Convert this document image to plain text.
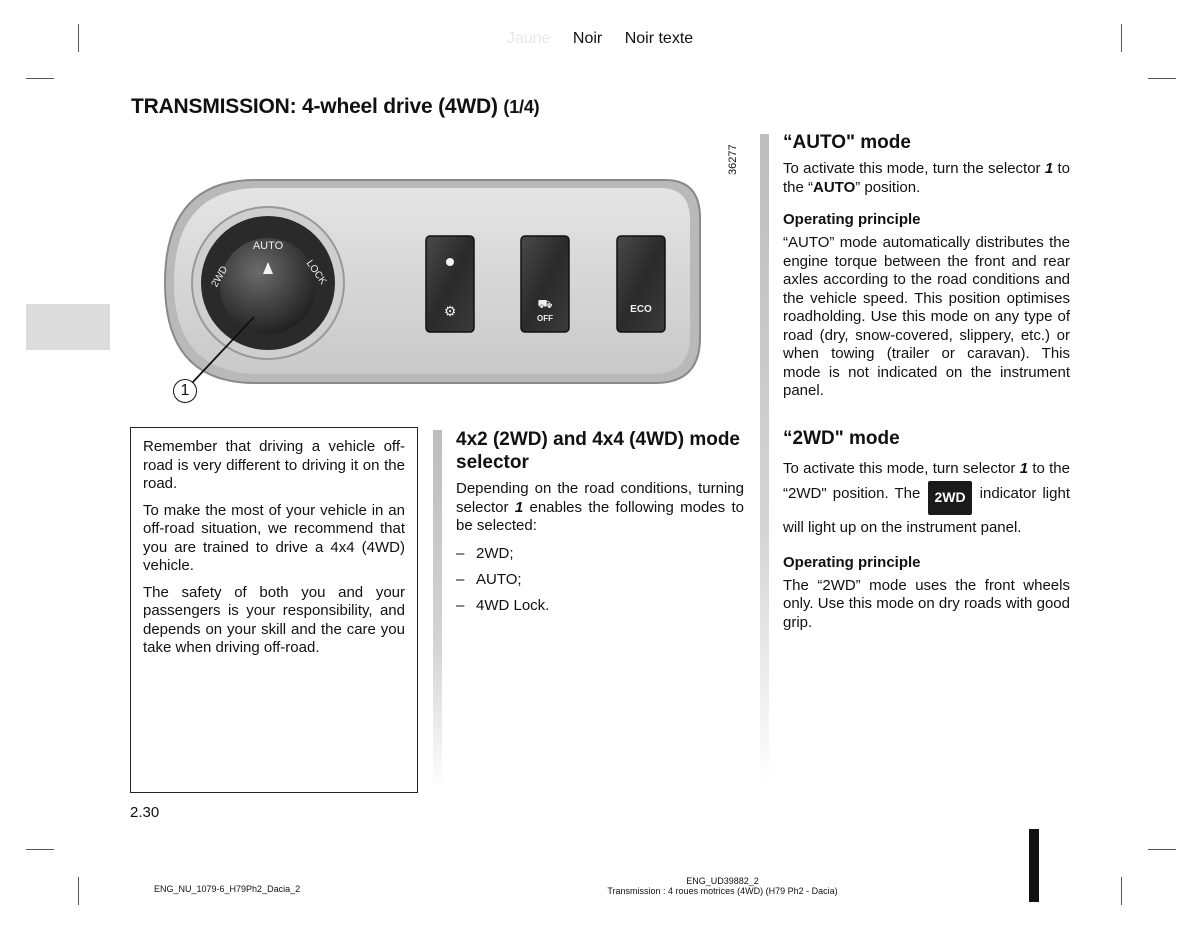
Jaune Noir Noir texte
TRANSMISSION: 4-wheel drive (4WD) (1/4)
36277
AUTO
2WD	LOCK
⚙	⛟
OFF
ECO
1

Remember that driving a vehicle off-road is very different to driving it on the road.

To make the most of your vehicle in an off-road situation, we recommend that you are trained to drive a 4x4 (4WD) vehicle.

The safety of both you and your passengers is your responsibility, and depends on your skill and the care you take when driving off-road.

4x2 (2WD) and 4x4 (4WD) mode selector

Depending on the road conditions, turning selector 1 enables the following modes to be selected:

– 2WD;
– AUTO;
– 4WD Lock.
“AUTO" mode

To activate this mode, turn the selector 1 to the “AUTO” position.

Operating principle

“AUTO” mode automatically distributes the engine torque between the front and rear axles according to the road conditions and the vehicle speed. This position optimises roadholding. Use this mode on any type of road (dry, snow-covered, slippery, etc.) or when towing (trailer or caravan). This mode is not indicated on the instrument panel.

“2WD" mode

To activate this mode, turn selector 1 to the “2WD" position. The 2WD indicator light will light up on the instrument panel.

Operating principle

The “2WD” mode uses the front wheels only. Use this mode on dry roads with good grip.

2.30
ENG_NU_1079-6_H79Ph2_Dacia_2
ENG_UD39882_2
Transmission : 4 roues motrices (4WD) (H79 Ph2 - Dacia)
